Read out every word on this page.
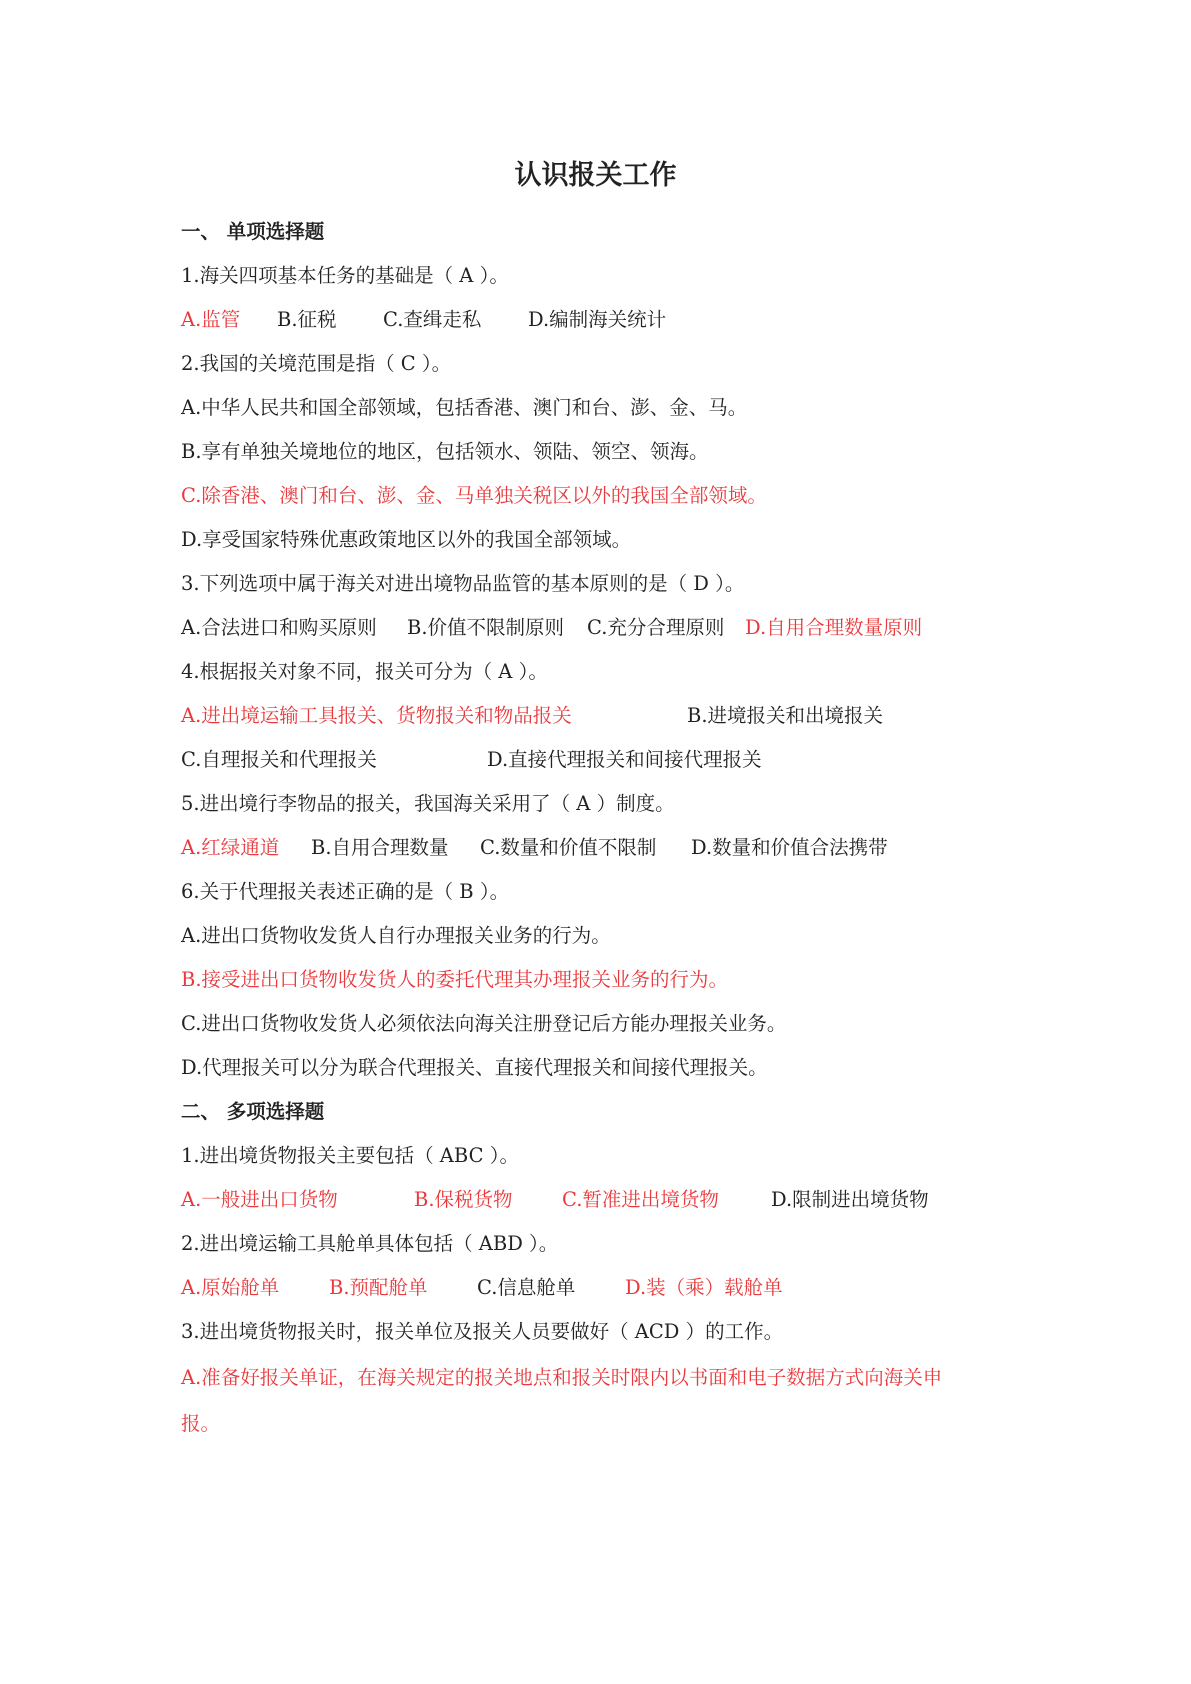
认识报关工作
一、 单项选择题
1.海关四项基本任务的基础是（ A ）。
A.监管 B.征税 C.查缉走私 D.编制海关统计
2.我国的关境范围是指（ C ）。
A.中华人民共和国全部领域，包括香港、澳门和台、澎、金、马。
B.享有单独关境地位的地区，包括领水、领陆、领空、领海。
C.除香港、澳门和台、澎、金、马单独关税区以外的我国全部领域。
D.享受国家特殊优惠政策地区以外的我国全部领域。
3.下列选项中属于海关对进出境物品监管的基本原则的是（ D ）。
A.合法进口和购买原则 B.价值不限制原则 C.充分合理原则 D.自用合理数量原则
4.根据报关对象不同，报关可分为（ A ）。
A.进出境运输工具报关、货物报关和物品报关	B.进境报关和出境报关
C.自理报关和代理报关	D.直接代理报关和间接代理报关
5.进出境行李物品的报关，我国海关采用了（ A ）制度。
A.红绿通道 B.自用合理数量 C.数量和价值不限制 D.数量和价值合法携带
6.关于代理报关表述正确的是（ B ）。
A.进出口货物收发货人自行办理报关业务的行为。
B.接受进出口货物收发货人的委托代理其办理报关业务的行为。
C.进出口货物收发货人必须依法向海关注册登记后方能办理报关业务。
D.代理报关可以分为联合代理报关、直接代理报关和间接代理报关。
二、 多项选择题
1.进出境货物报关主要包括（ ABC ）。
A.一般进出口货物	B.保税货物	C.暂准进出境货物	D.限制进出境货物
2.进出境运输工具舱单具体包括（ ABD ）。
A.原始舱单	B.预配舱单	C.信息舱单	D.装（乘）载舱单
3.进出境货物报关时，报关单位及报关人员要做好（ ACD ）的工作。
A.准备好报关单证，在海关规定的报关地点和报关时限内以书面和电子数据方式向海关申
报。
